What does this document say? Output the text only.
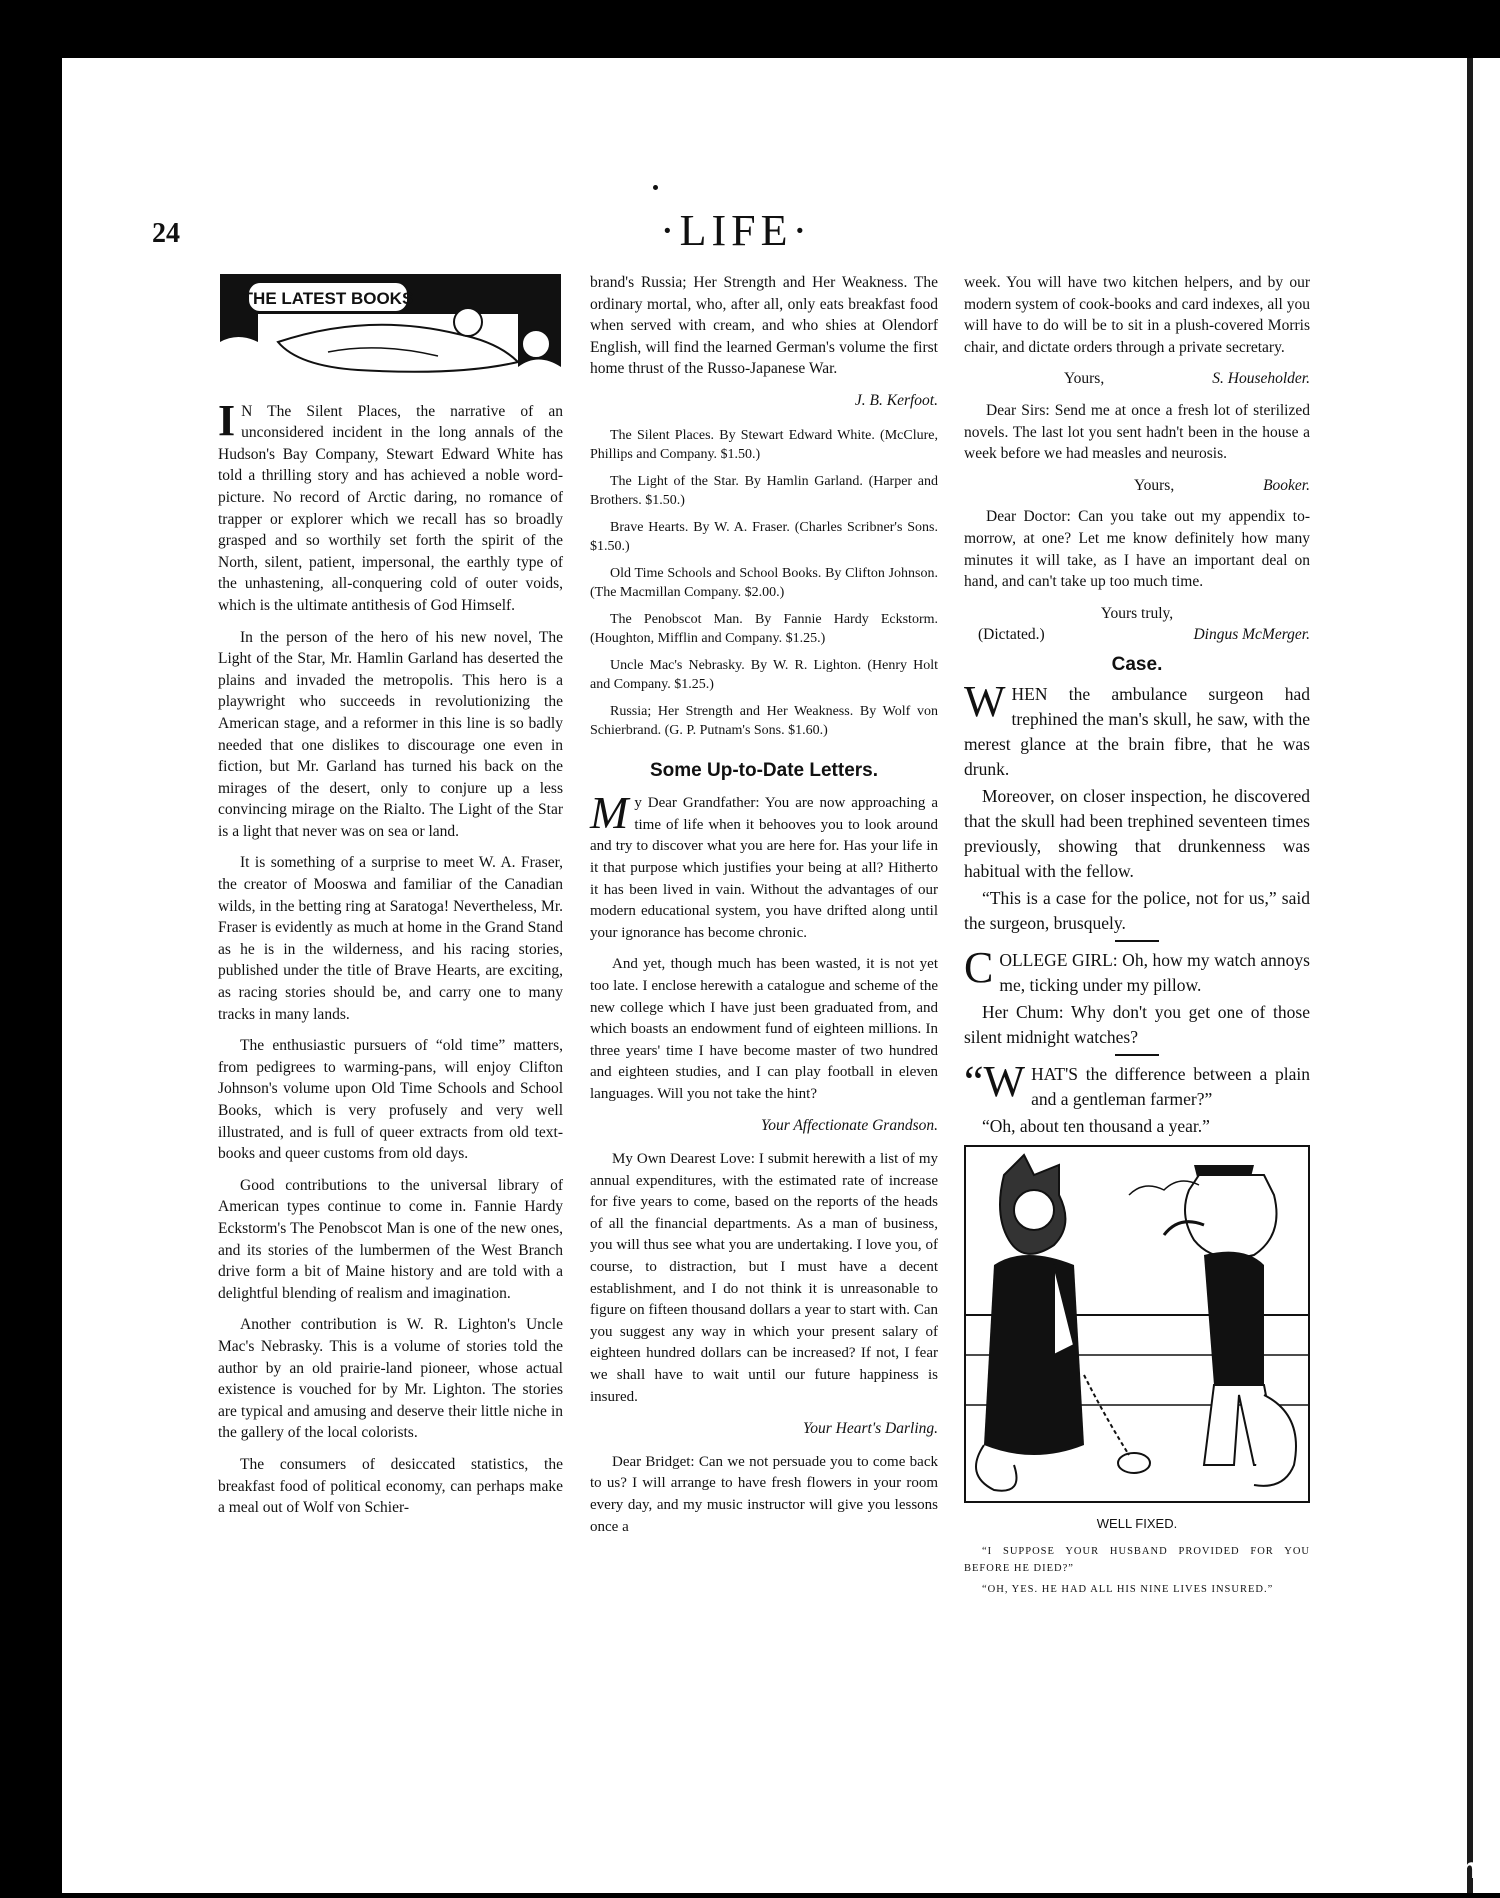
24	·LIFE·
THE LATEST BOOKS

I N The Silent Places, the narrative of an unconsidered incident in the long annals of the Hudson's Bay Company, Stewart Edward White has told a thrilling story and has achieved a noble word-picture. No record of Arctic daring, no romance of trapper or explorer which we recall has so broadly grasped and so worthily set forth the spirit of the North, silent, patient, impersonal, the earthly type of the unhastening, all-conquering cold of outer voids, which is the ultimate antithesis of God Himself.

In the person of the hero of his new novel, The Light of the Star, Mr. Hamlin Garland has deserted the plains and invaded the metropolis. This hero is a playwright who succeeds in revolutionizing the American stage, and a reformer in this line is so badly needed that one dislikes to discourage one even in fiction, but Mr. Garland has turned his back on the mirages of the desert, only to conjure up a less convincing mirage on the Rialto. The Light of the Star is a light that never was on sea or land.

It is something of a surprise to meet W. A. Fraser, the creator of Mooswa and familiar of the Canadian wilds, in the betting ring at Saratoga! Nevertheless, Mr. Fraser is evidently as much at home in the Grand Stand as he is in the wilderness, and his racing stories, published under the title of Brave Hearts, are exciting, as racing stories should be, and carry one to many tracks in many lands.

The enthusiastic pursuers of “old time” matters, from pedigrees to warming-pans, will enjoy Clifton Johnson's volume upon Old Time Schools and School Books, which is very profusely and very well illustrated, and is full of queer extracts from old text-books and queer customs from old days.

Good contributions to the universal library of American types continue to come in. Fannie Hardy Eckstorm's The Penobscot Man is one of the new ones, and its stories of the lumbermen of the West Branch drive form a bit of Maine history and are told with a delightful blending of realism and imagination.

Another contribution is W. R. Lighton's Uncle Mac's Nebrasky. This is a volume of stories told the author by an old prairie-land pioneer, whose actual existence is vouched for by Mr. Lighton. The stories are typical and amusing and deserve their little niche in the gallery of the local colorists.

The consumers of desiccated statistics, the breakfast food of political economy, can perhaps make a meal out of Wolf von Schier-

brand's Russia; Her Strength and Her Weakness. The ordinary mortal, who, after all, only eats breakfast food when served with cream, and who shies at Olendorf English, will find the learned German's volume the first home thrust of the Russo-Japanese War.

J. B. Kerfoot.

The Silent Places. By Stewart Edward White. (McClure, Phillips and Company. $1.50.)

The Light of the Star. By Hamlin Garland. (Harper and Brothers. $1.50.)

Brave Hearts. By W. A. Fraser. (Charles Scribner's Sons. $1.50.)

Old Time Schools and School Books. By Clifton Johnson. (The Macmillan Company. $2.00.)

The Penobscot Man. By Fannie Hardy Eckstorm. (Houghton, Mifflin and Company. $1.25.)

Uncle Mac's Nebrasky. By W. R. Lighton. (Henry Holt and Company. $1.25.)

Russia; Her Strength and Her Weakness. By Wolf von Schierbrand. (G. P. Putnam's Sons. $1.60.)

Some Up-to-Date Letters.

My Dear Grandfather: You are now approaching a time of life when it behooves you to look around and try to discover what you are here for. Has your life in it that purpose which justifies your being at all? Hitherto it has been lived in vain. Without the advantages of our modern educational system, you have drifted along until your ignorance has become chronic.

And yet, though much has been wasted, it is not yet too late. I enclose herewith a catalogue and scheme of the new college which I have just been graduated from, and which boasts an endowment fund of eighteen millions. In three years' time I have become master of two hundred and eighteen studies, and I can play football in eleven languages. Will you not take the hint?

Your Affectionate Grandson.

My Own Dearest Love: I submit herewith a list of my annual expenditures, with the estimated rate of increase for five years to come, based on the reports of the heads of all the financial departments. As a man of business, you will thus see what you are undertaking. I love you, of course, to distraction, but I must have a decent establishment, and I do not think it is unreasonable to figure on fifteen thousand dollars a year to start with. Can you suggest any way in which your present salary of eighteen hundred dollars can be increased? If not, I fear we shall have to wait until our future happiness is insured.

Your Heart's Darling.

Dear Bridget: Can we not persuade you to come back to us? I will arrange to have fresh flowers in your room every day, and my music instructor will give you lessons once a

week. You will have two kitchen helpers, and by our modern system of cook-books and card indexes, all you will have to do will be to sit in a plush-covered Morris chair, and dictate orders through a private secretary.

Yours,	S. Householder.

Dear Sirs: Send me at once a fresh lot of sterilized novels. The last lot you sent hadn't been in the house a week before we had measles and neurosis.

Yours,	Booker.

Dear Doctor: Can you take out my appendix to-morrow, at one? Let me know definitely how many minutes it will take, as I have an important deal on hand, and can't take up too much time.

Yours truly,
(Dictated.)	Dingus McMerger.
Case.

WHEN the ambulance surgeon had trephined the man's skull, he saw, with the merest glance at the brain fibre, that he was drunk.

Moreover, on closer inspection, he discovered that the skull had been trephined seventeen times previously, showing that drunkenness was habitual with the fellow.

“This is a case for the police, not for us,” said the surgeon, brusquely.

COLLEGE GIRL: Oh, how my watch annoys me, ticking under my pillow.

Her Chum: Why don't you get one of those silent midnight watches?

“WHAT'S the difference between a plain and a gentleman farmer?”

“Oh, about ten thousand a year.”

WELL FIXED.

“I SUPPOSE YOUR HUSBAND PROVIDED FOR YOU BEFORE HE DIED?”

“OH, YES. HE HAD ALL HIS NINE LIVES INSURED.”

comicbooks.com
